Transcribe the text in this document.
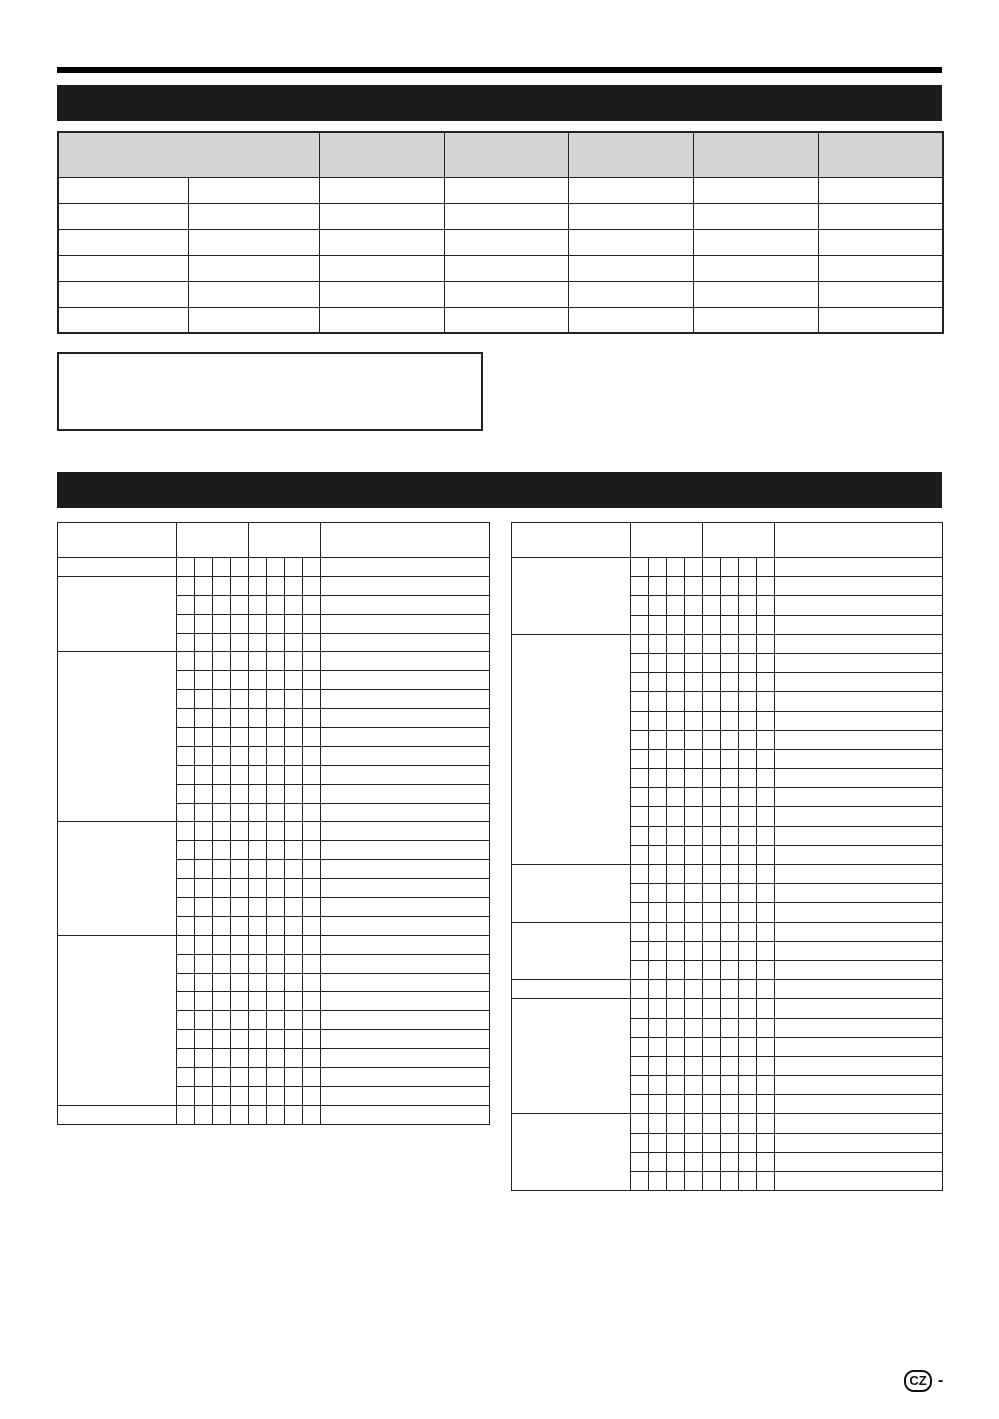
CZ -
